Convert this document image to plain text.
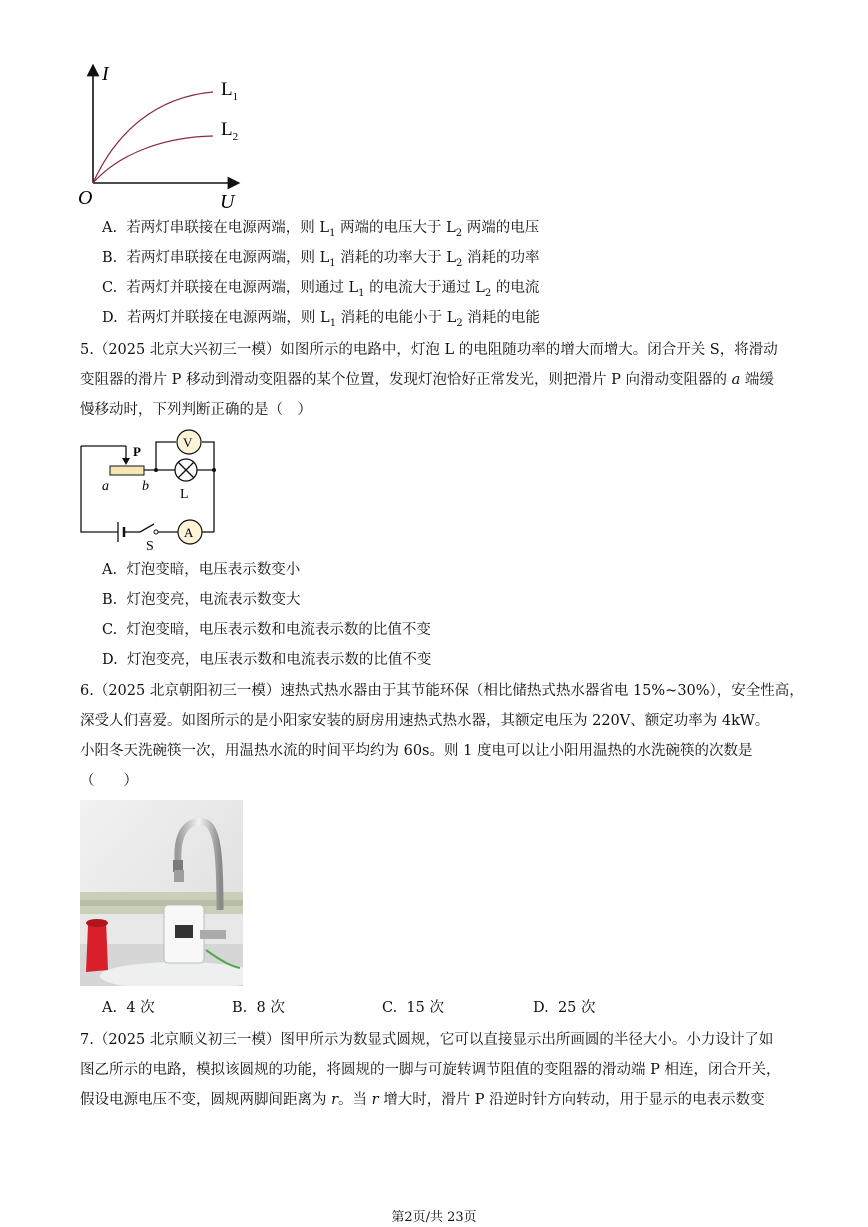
I
O	U
$L_1$
$L_2$
A. 若两灯串联接在电源两端，则 $L_1$ 两端的电压大于 $L_2$ 两端的电压
B. 若两灯串联接在电源两端，则 $L_1$ 消耗的功率大于 $L_2$ 消耗的功率
C. 若两灯并联接在电源两端，则通过 $L_1$ 的电流大于通过 $L_2$ 的电流
D. 若两灯并联接在电源两端，则 $L_1$ 消耗的电能小于 $L_2$ 消耗的电能
5.（2025 北京大兴初三一模）如图所示的电路中，灯泡 L 的电阻随功率的增大而增大。闭合开关 S，将滑动
变阻器的滑片 P 移动到滑动变阻器的某个位置，发现灯泡恰好正常发光，则把滑片 P 向滑动变阻器的 a 端缓
慢移动时，下列判断正确的是（　）
V
A
P
a b
L
S
A. 灯泡变暗，电压表示数变小
B. 灯泡变亮，电流表示数变大
C. 灯泡变暗，电压表示数和电流表示数的比值不变
D. 灯泡变亮，电压表示数和电流表示数的比值不变
6.（2025 北京朝阳初三一模）速热式热水器由于其节能环保（相比储热式热水器省电 15%~30%），安全性高，
深受人们喜爱。如图所示的是小阳家安装的厨房用速热式热水器，其额定电压为 220V、额定功率为 4kW。
小阳冬天洗碗筷一次，用温热水流的时间平均约为 60s。则 1 度电可以让小阳用温热的水洗碗筷的次数是
（　　）
A. 4 次	B. 8 次	C. 15 次	D. 25 次
7.（2025 北京顺义初三一模）图甲所示为数显式圆规，它可以直接显示出所画圆的半径大小。小力设计了如
图乙所示的电路，模拟该圆规的功能，将圆规的一脚与可旋转调节阻值的变阻器的滑动端 P 相连，闭合开关，
假设电源电压不变，圆规两脚间距离为 r。当 r 增大时，滑片 P 沿逆时针方向转动，用于显示的电表示数变
第2页/共 23页
